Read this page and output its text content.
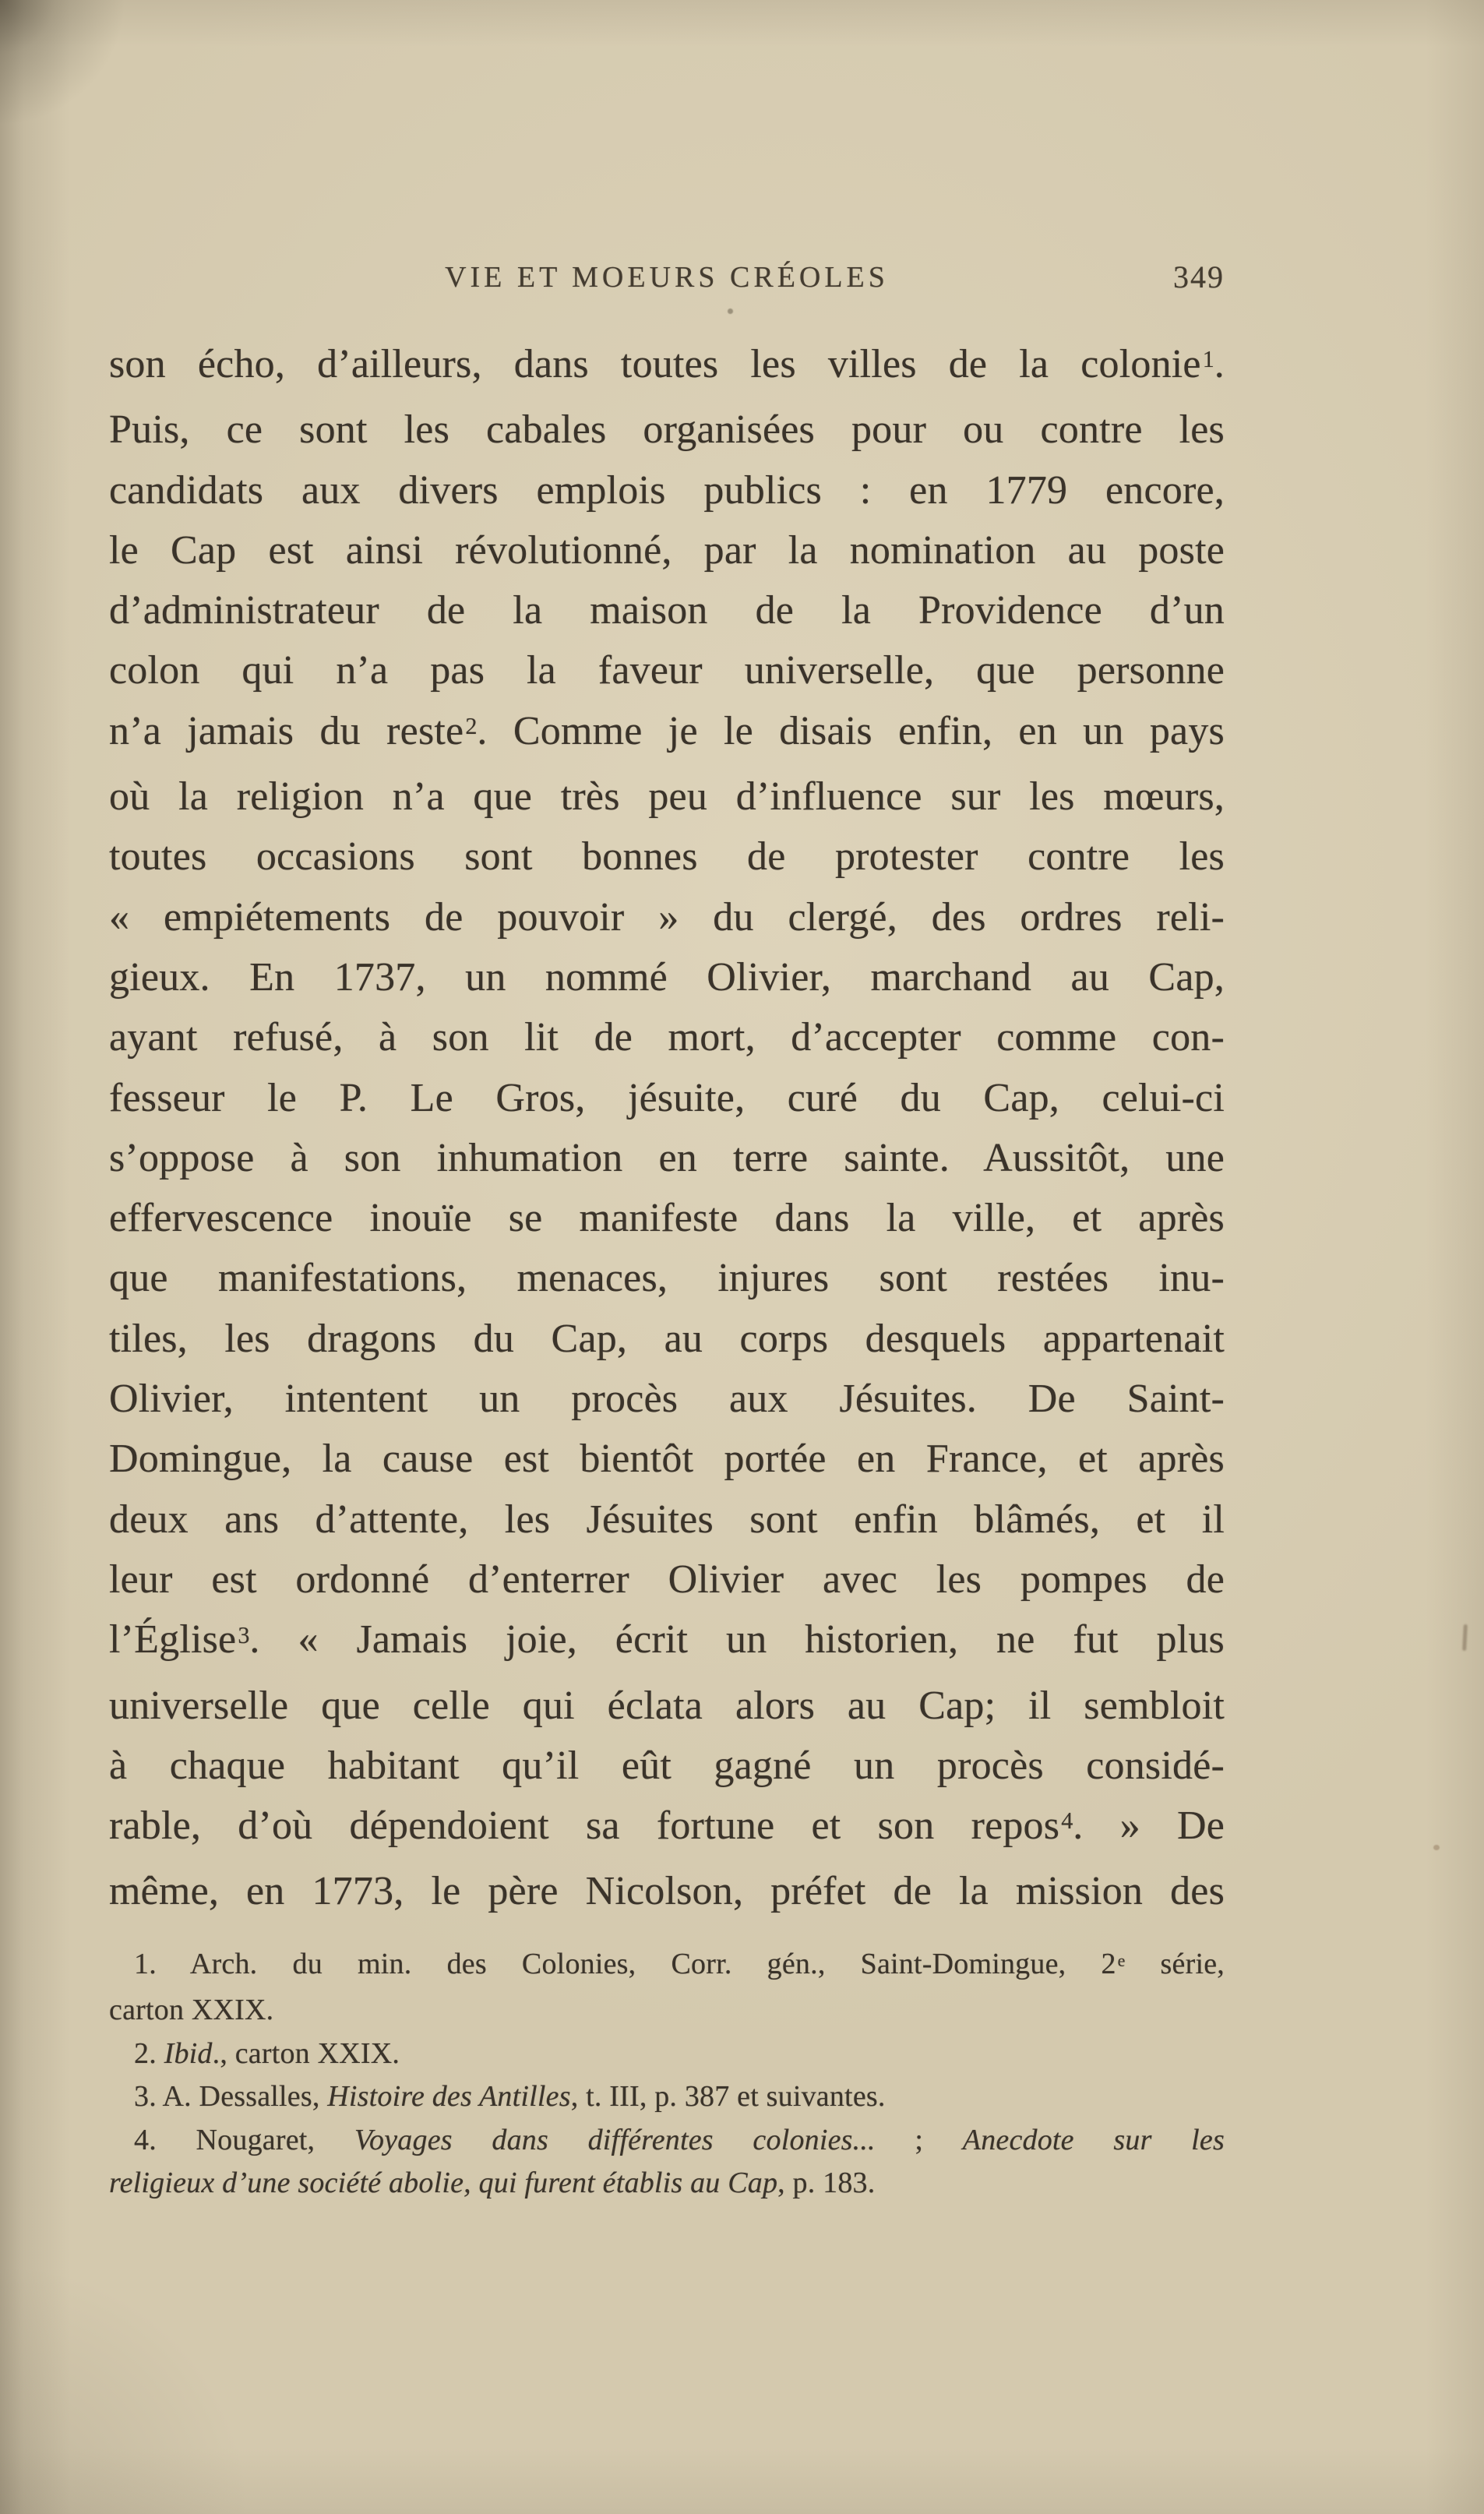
VIE ET MOEURS CRÉOLES	349
son écho, d’ailleurs, dans toutes les villes de la colonie$^1$.
Puis, ce sont les cabales organisées pour ou contre les
candidats aux divers emplois publics : en 1779 encore,
le Cap est ainsi révolutionné, par la nomination au poste
d’administrateur de la maison de la Providence d’un
colon qui n’a pas la faveur universelle, que personne
n’a jamais du reste$^2$. Comme je le disais enfin, en un pays
où la religion n’a que très peu d’influence sur les mœurs,
toutes occasions sont bonnes de protester contre les
« empiétements de pouvoir » du clergé, des ordres reli-
gieux. En 1737, un nommé Olivier, marchand au Cap,
ayant refusé, à son lit de mort, d’accepter comme con-
fesseur le P. Le Gros, jésuite, curé du Cap, celui-ci
s’oppose à son inhumation en terre sainte. Aussitôt, une
effervescence inouïe se manifeste dans la ville, et après
que manifestations, menaces, injures sont restées inu-
tiles, les dragons du Cap, au corps desquels appartenait
Olivier, intentent un procès aux Jésuites. De Saint-
Domingue, la cause est bientôt portée en France, et après
deux ans d’attente, les Jésuites sont enfin blâmés, et il
leur est ordonné d’enterrer Olivier avec les pompes de
l’Église$^3$. « Jamais joie, écrit un historien, ne fut plus
universelle que celle qui éclata alors au Cap; il sembloit
à chaque habitant qu’il eût gagné un procès considé-
rable, d’où dépendoient sa fortune et son repos$^4$. » De
même, en 1773, le père Nicolson, préfet de la mission des
1. Arch. du min. des Colonies, Corr. gén., Saint-Domingue, 2e série,
carton XXIX.
2. Ibid., carton XXIX.
3. A. Dessalles, Histoire des Antilles, t. III, p. 387 et suivantes.
4. Nougaret, Voyages dans différentes colonies... ; Anecdote sur les
religieux d’une société abolie, qui furent établis au Cap, p. 183.
